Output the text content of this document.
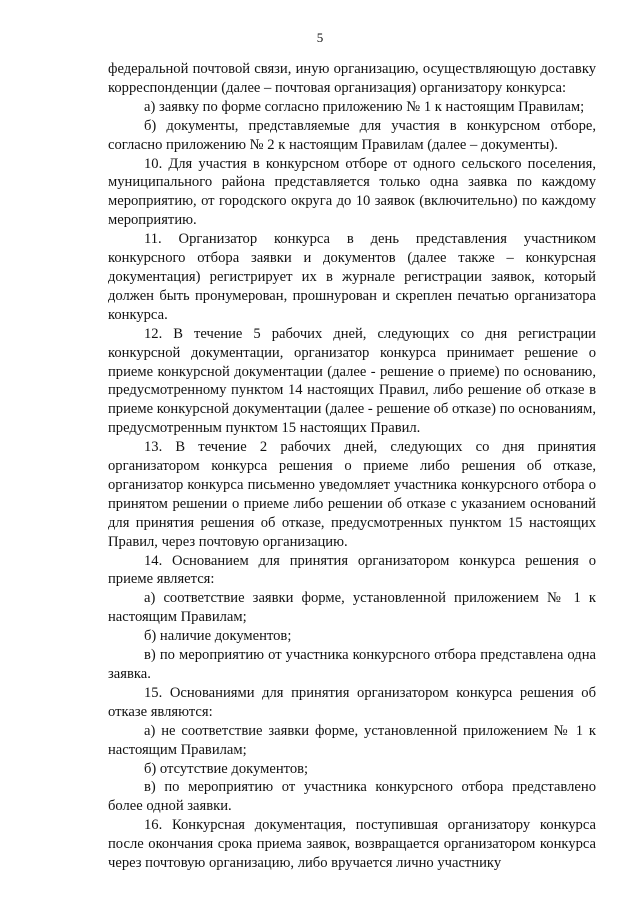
5

федеральной почтовой связи, иную организацию, осуществляющую доставку корреспонденции (далее – почтовая организация) организатору конкурса:

а) заявку по форме согласно приложению № 1 к настоящим Правилам;

б) документы, представляемые для участия в конкурсном отборе, согласно приложению № 2 к настоящим Правилам (далее – документы).

10. Для участия в конкурсном отборе от одного сельского поселения, муниципального района представляется только одна заявка по каждому мероприятию, от городского округа до 10 заявок (включительно) по каждому мероприятию.

11. Организатор конкурса в день представления участником конкурсного отбора заявки и документов (далее также – конкурсная документация) регистрирует их в журнале регистрации заявок, который должен быть пронумерован, прошнурован и скреплен печатью организатора конкурса.

12. В течение 5 рабочих дней, следующих со дня регистрации конкурсной документации, организатор конкурса принимает решение о приеме конкурсной документации (далее - решение о приеме) по основанию, предусмотренному пунктом 14 настоящих Правил, либо решение об отказе в приеме конкурсной документации (далее - решение об отказе) по основаниям, предусмотренным пунктом 15 настоящих Правил.

13. В течение 2 рабочих дней, следующих со дня принятия организатором конкурса решения о приеме либо решения об отказе, организатор конкурса письменно уведомляет участника конкурсного отбора о принятом решении о приеме либо решении об отказе с указанием оснований для принятия решения об отказе, предусмотренных пунктом 15 настоящих Правил, через почтовую организацию.

14. Основанием для принятия организатором конкурса решения о приеме является:

а) соответствие заявки форме, установленной приложением № 1 к настоящим Правилам;

б) наличие документов;

в) по мероприятию от участника конкурсного отбора представлена одна заявка.

15. Основаниями для принятия организатором конкурса решения об отказе являются:

а) не соответствие заявки форме, установленной приложением № 1 к настоящим Правилам;

б) отсутствие документов;

в) по мероприятию от участника конкурсного отбора представлено более одной заявки.

16. Конкурсная документация, поступившая организатору конкурса после окончания срока приема заявок, возвращается организатором конкурса через почтовую организацию, либо вручается лично участнику
